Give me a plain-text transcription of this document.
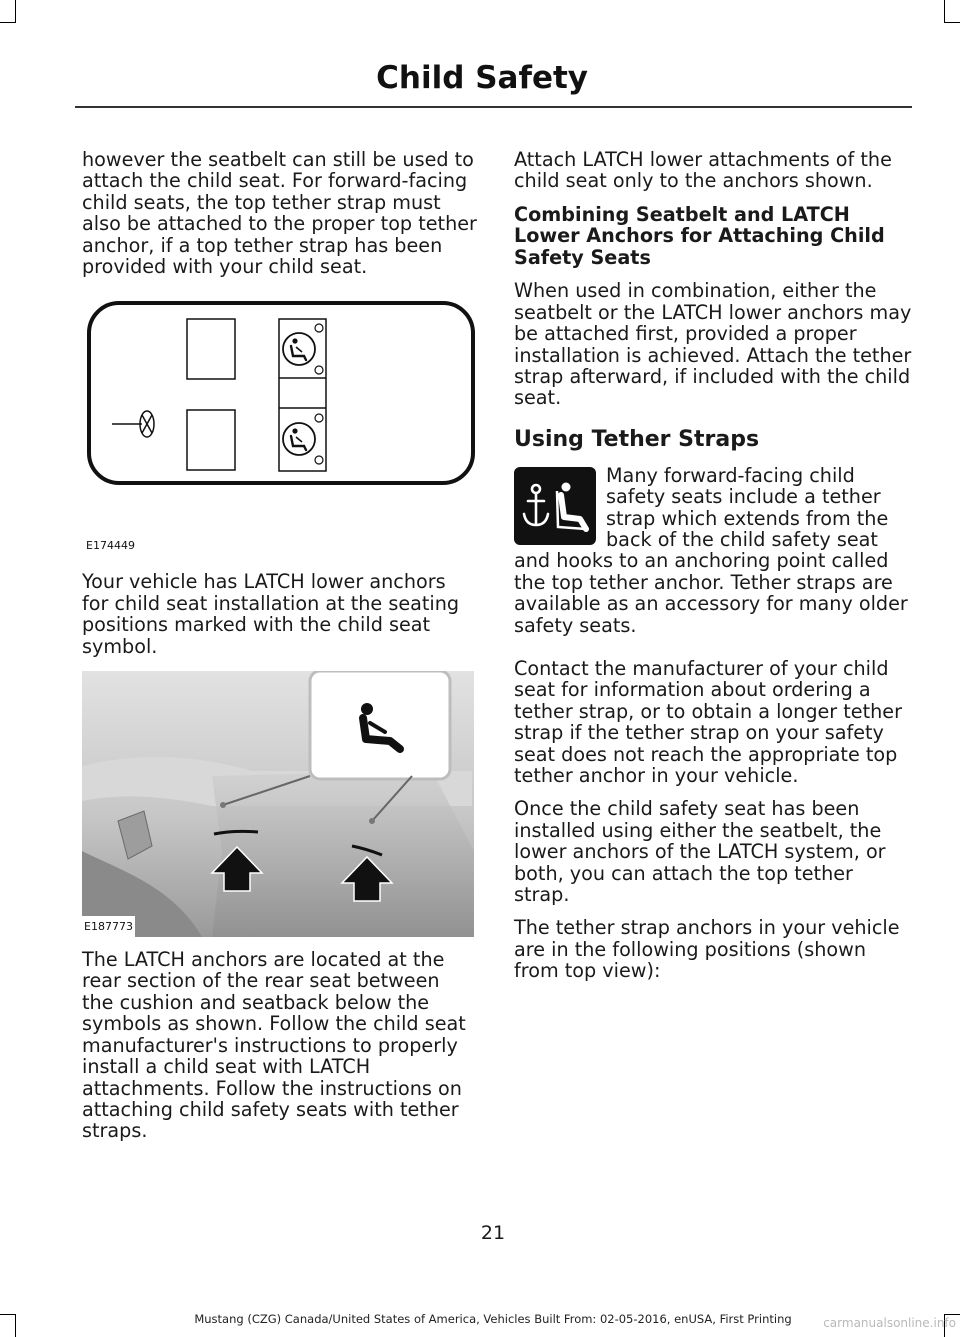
Child Safety

however the seatbelt can still be used to attach the child seat. For forward-facing child seats, the top tether strap must also be attached to the proper top tether anchor, if a top tether strap has been provided with your child seat.

E174449

Your vehicle has LATCH lower anchors for child seat installation at the seating positions marked with the child seat symbol.

E187773

The LATCH anchors are located at the rear section of the rear seat between the cushion and seatback below the symbols as shown. Follow the child seat manufacturer's instructions to properly install a child seat with LATCH attachments. Follow the instructions on attaching child safety seats with tether straps.

Attach LATCH lower attachments of the child seat only to the anchors shown.

Combining Seatbelt and LATCH Lower Anchors for Attaching Child Safety Seats

When used in combination, either the seatbelt or the LATCH lower anchors may be attached first, provided a proper installation is achieved. Attach the tether strap afterward, if included with the child seat.

Using Tether Straps
Many forward-facing child safety seats include a tether strap which extends from the back of the child safety seat and hooks to an anchoring point called the top tether anchor. Tether straps are available as an accessory for many older safety seats.

Contact the manufacturer of your child seat for information about ordering a tether strap, or to obtain a longer tether strap if the tether strap on your safety seat does not reach the appropriate top tether anchor in your vehicle.

Once the child safety seat has been installed using either the seatbelt, the lower anchors of the LATCH system, or both, you can attach the top tether strap.

The tether strap anchors in your vehicle are in the following positions (shown from top view):

21
Mustang (CZG) Canada/United States of America, Vehicles Built From: 02-05-2016, enUSA, First Printing	carmanualsonline.info
